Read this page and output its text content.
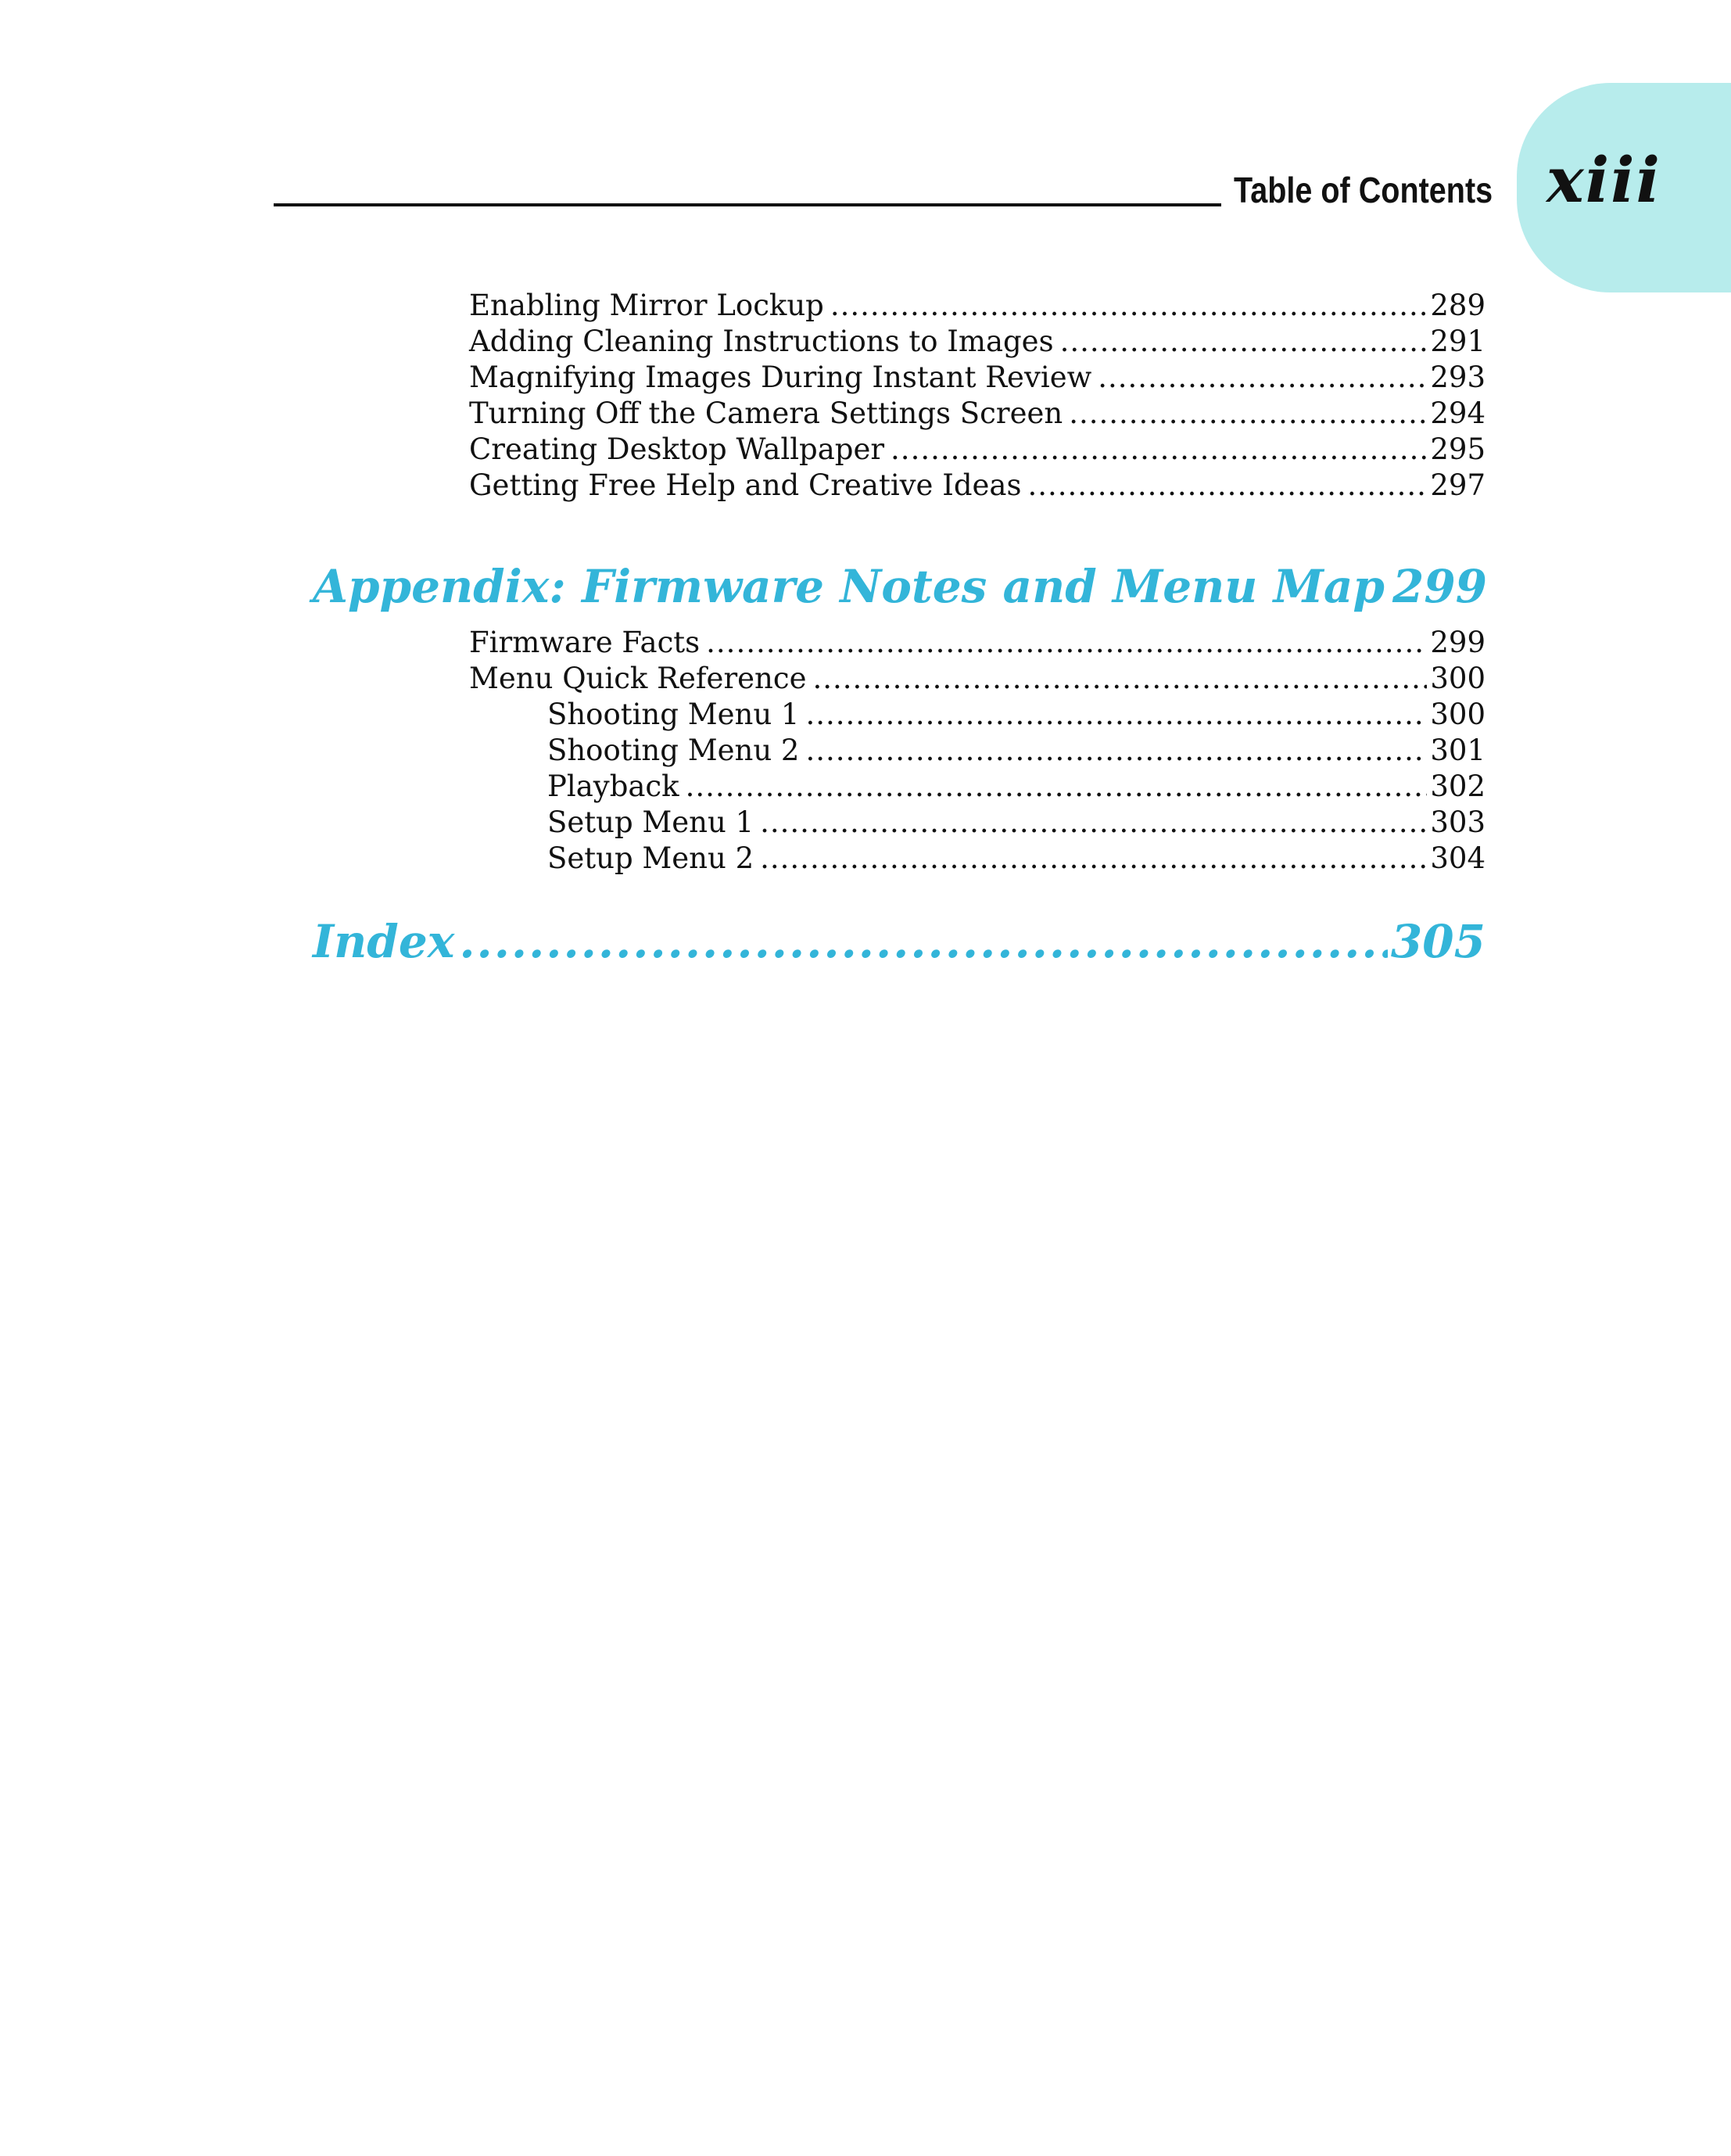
xiii
Table of Contents
Enabling Mirror Lockup .....	289
Adding Cleaning Instructions to Images .....	291
Magnifying Images During Instant Review .....	293
Turning Off the Camera Settings Screen .....	294
Creating Desktop Wallpaper .....	295
Getting Free Help and Creative Ideas .....	297
Appendix: Firmware Notes and Menu Map 299
Firmware Facts .....	299
Menu Quick Reference .....	300
Shooting Menu 1 .....	300
Shooting Menu 2 .....	301
Playback .....	302
Setup Menu 1 .....	303
Setup Menu 2 .....	304
Index .....	305
